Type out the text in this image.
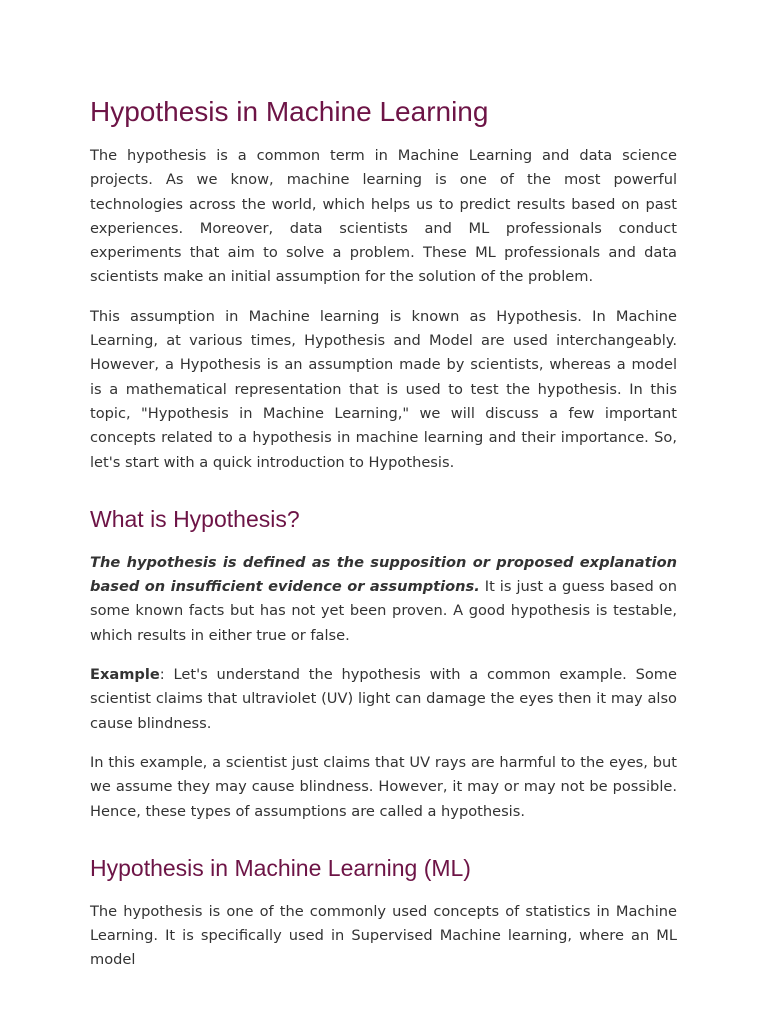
Hypothesis in Machine Learning

The hypothesis is a common term in Machine Learning and data science projects. As we know, machine learning is one of the most powerful technologies across the world, which helps us to predict results based on past experiences. Moreover, data scientists and ML professionals conduct experiments that aim to solve a problem. These ML professionals and data scientists make an initial assumption for the solution of the problem.

This assumption in Machine learning is known as Hypothesis. In Machine Learning, at various times, Hypothesis and Model are used interchangeably. However, a Hypothesis is an assumption made by scientists, whereas a model is a mathematical representation that is used to test the hypothesis. In this topic, "Hypothesis in Machine Learning," we will discuss a few important concepts related to a hypothesis in machine learning and their importance. So, let's start with a quick introduction to Hypothesis.

What is Hypothesis?

The hypothesis is defined as the supposition or proposed explanation based on insufficient evidence or assumptions. It is just a guess based on some known facts but has not yet been proven. A good hypothesis is testable, which results in either true or false.

Example: Let's understand the hypothesis with a common example. Some scientist claims that ultraviolet (UV) light can damage the eyes then it may also cause blindness.

In this example, a scientist just claims that UV rays are harmful to the eyes, but we assume they may cause blindness. However, it may or may not be possible. Hence, these types of assumptions are called a hypothesis.

Hypothesis in Machine Learning (ML)

The hypothesis is one of the commonly used concepts of statistics in Machine Learning. It is specifically used in Supervised Machine learning, where an ML model
